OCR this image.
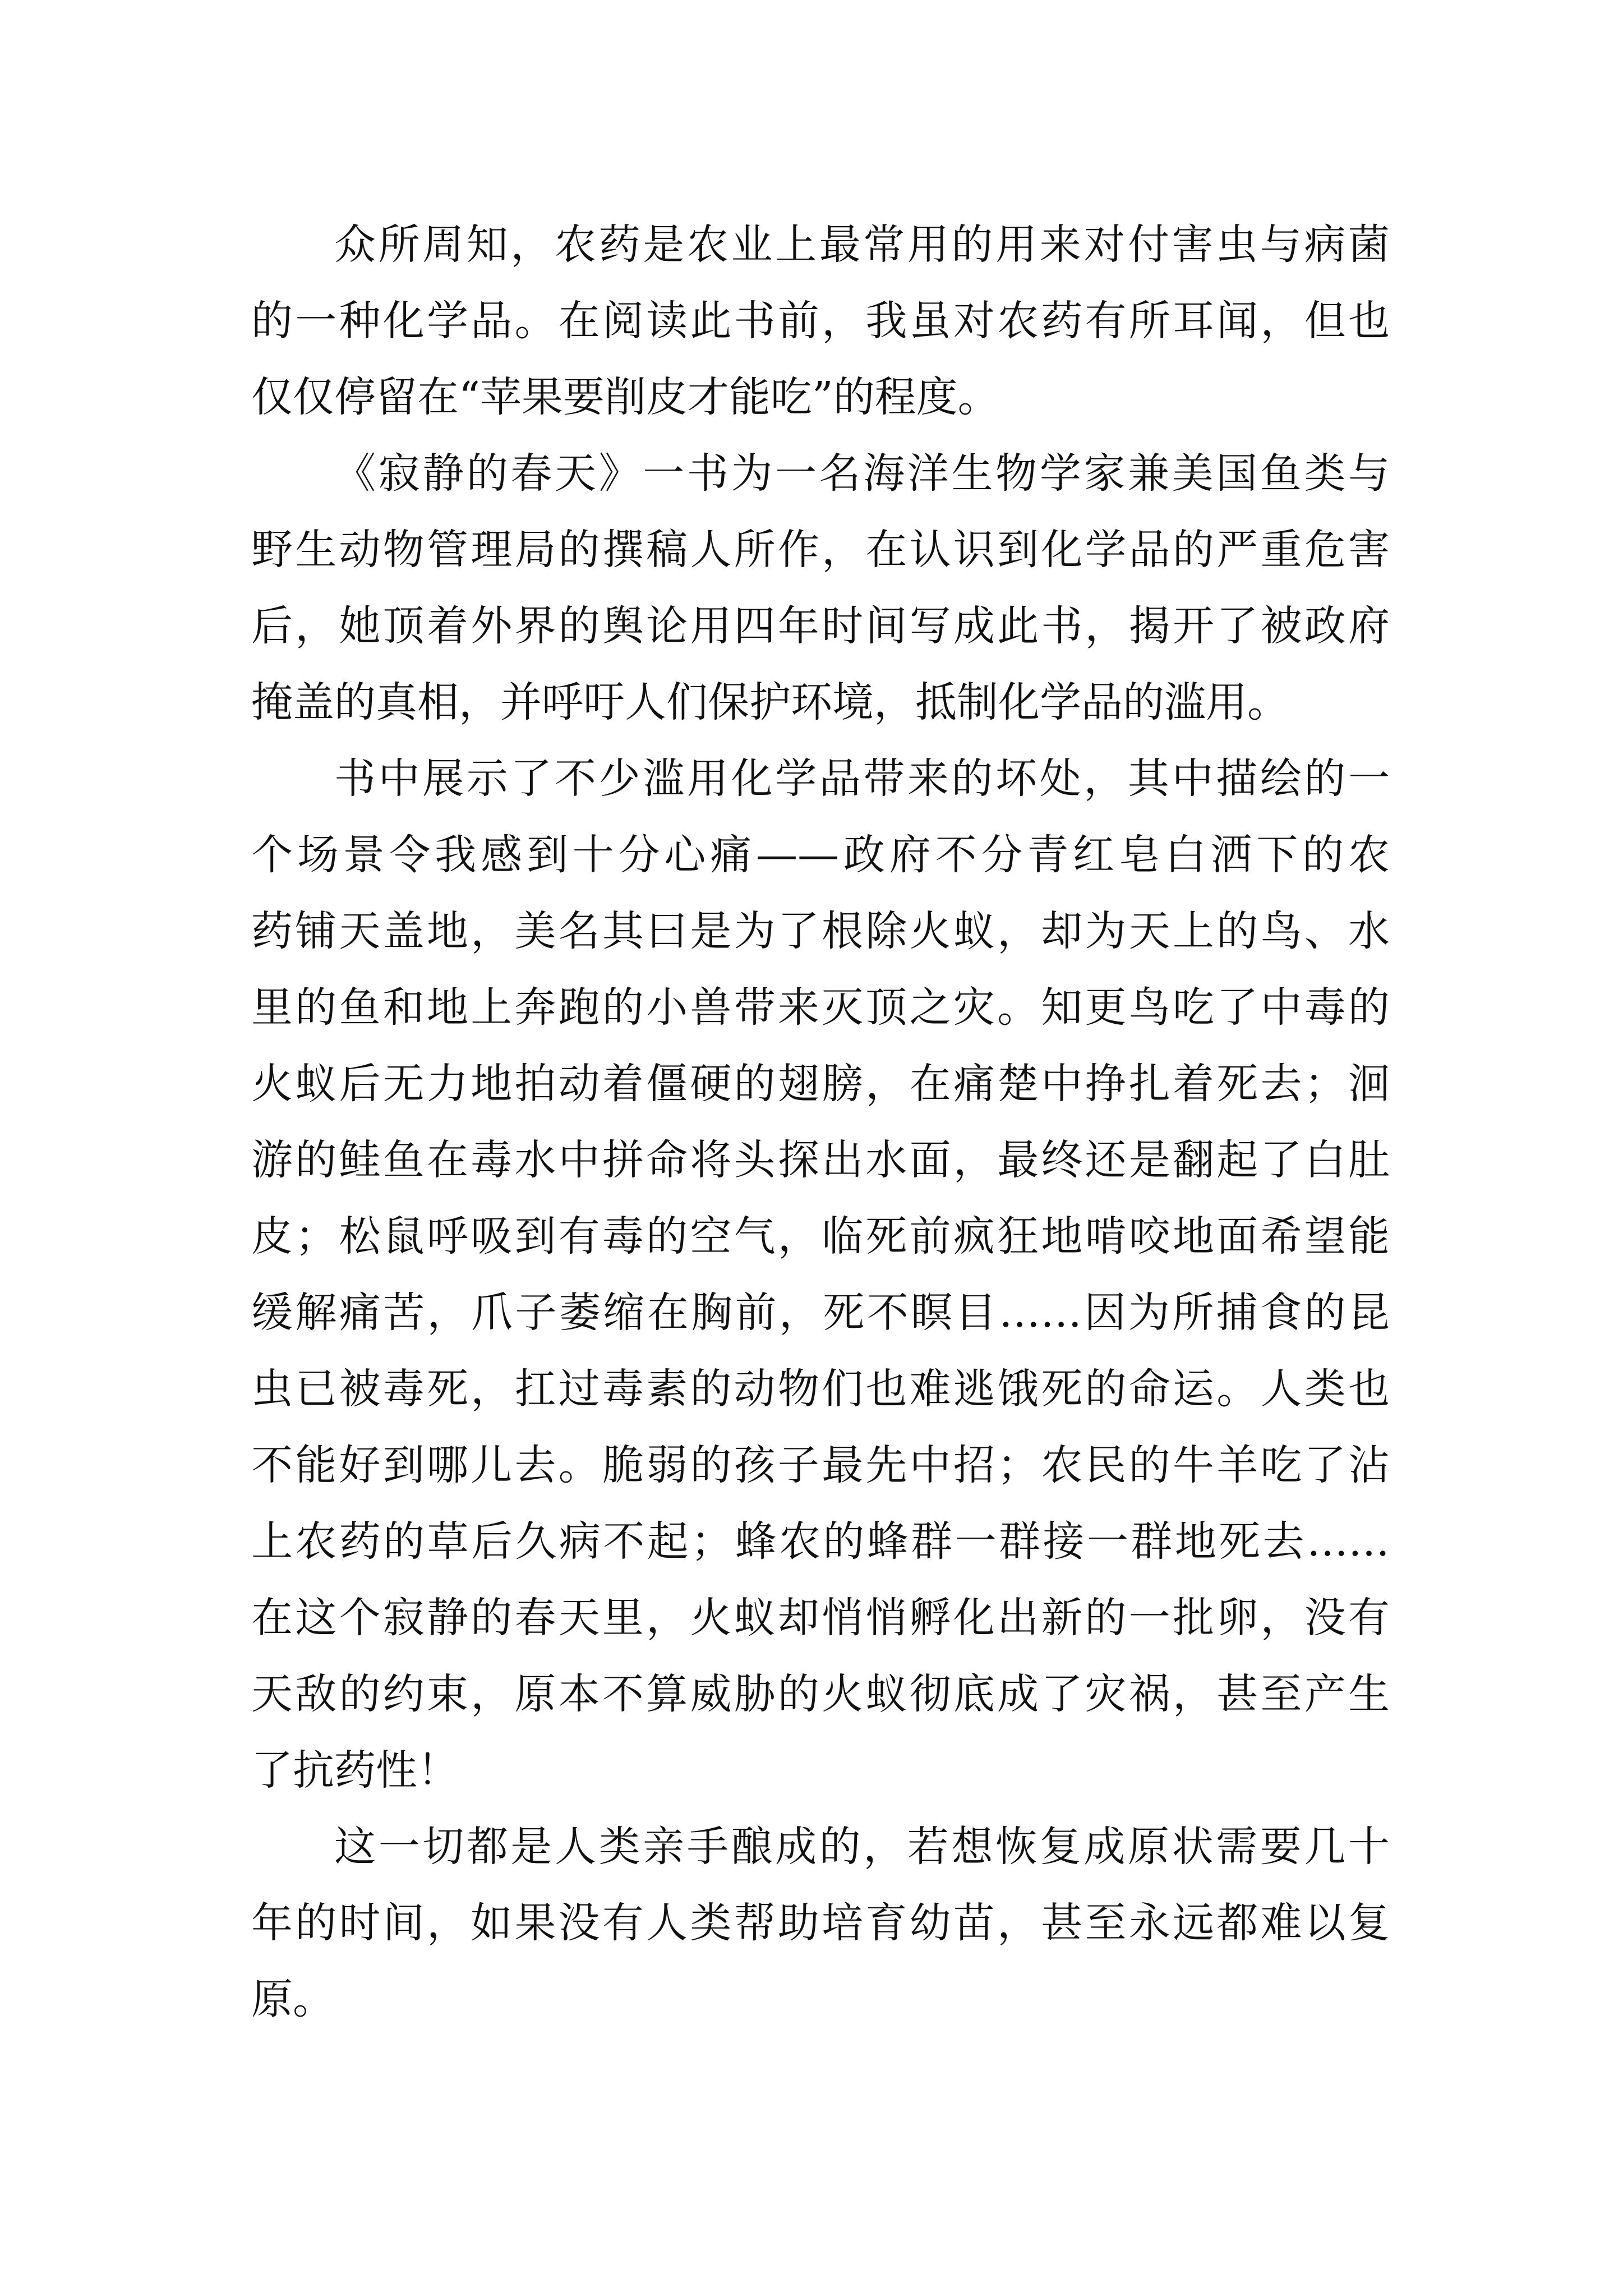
众所周知，农药是农业上最常用的用来对付害虫与病菌
的一种化学品。在阅读此书前，我虽对农药有所耳闻，但也
仅仅停留在“苹果要削皮才能吃”的程度。
《寂静的春天》一书为一名海洋生物学家兼美国鱼类与
野生动物管理局的撰稿人所作，在认识到化学品的严重危害
后，她顶着外界的舆论用四年时间写成此书，揭开了被政府
掩盖的真相，并呼吁人们保护环境，抵制化学品的滥用。
书中展示了不少滥用化学品带来的坏处，其中描绘的一
个场景令我感到十分心痛——政府不分青红皂白洒下的农
药铺天盖地，美名其曰是为了根除火蚁，却为天上的鸟、水
里的鱼和地上奔跑的小兽带来灭顶之灾。知更鸟吃了中毒的
火蚁后无力地拍动着僵硬的翅膀，在痛楚中挣扎着死去；洄
游的鲑鱼在毒水中拼命将头探出水面，最终还是翻起了白肚
皮；松鼠呼吸到有毒的空气，临死前疯狂地啃咬地面希望能
缓解痛苦，爪子萎缩在胸前，死不瞑目……因为所捕食的昆
虫已被毒死，扛过毒素的动物们也难逃饿死的命运。人类也
不能好到哪儿去。脆弱的孩子最先中招；农民的牛羊吃了沾
上农药的草后久病不起；蜂农的蜂群一群接一群地死去……
在这个寂静的春天里，火蚁却悄悄孵化出新的一批卵，没有
天敌的约束，原本不算威胁的火蚁彻底成了灾祸，甚至产生
了抗药性！
这一切都是人类亲手酿成的，若想恢复成原状需要几十
年的时间，如果没有人类帮助培育幼苗，甚至永远都难以复
原。
